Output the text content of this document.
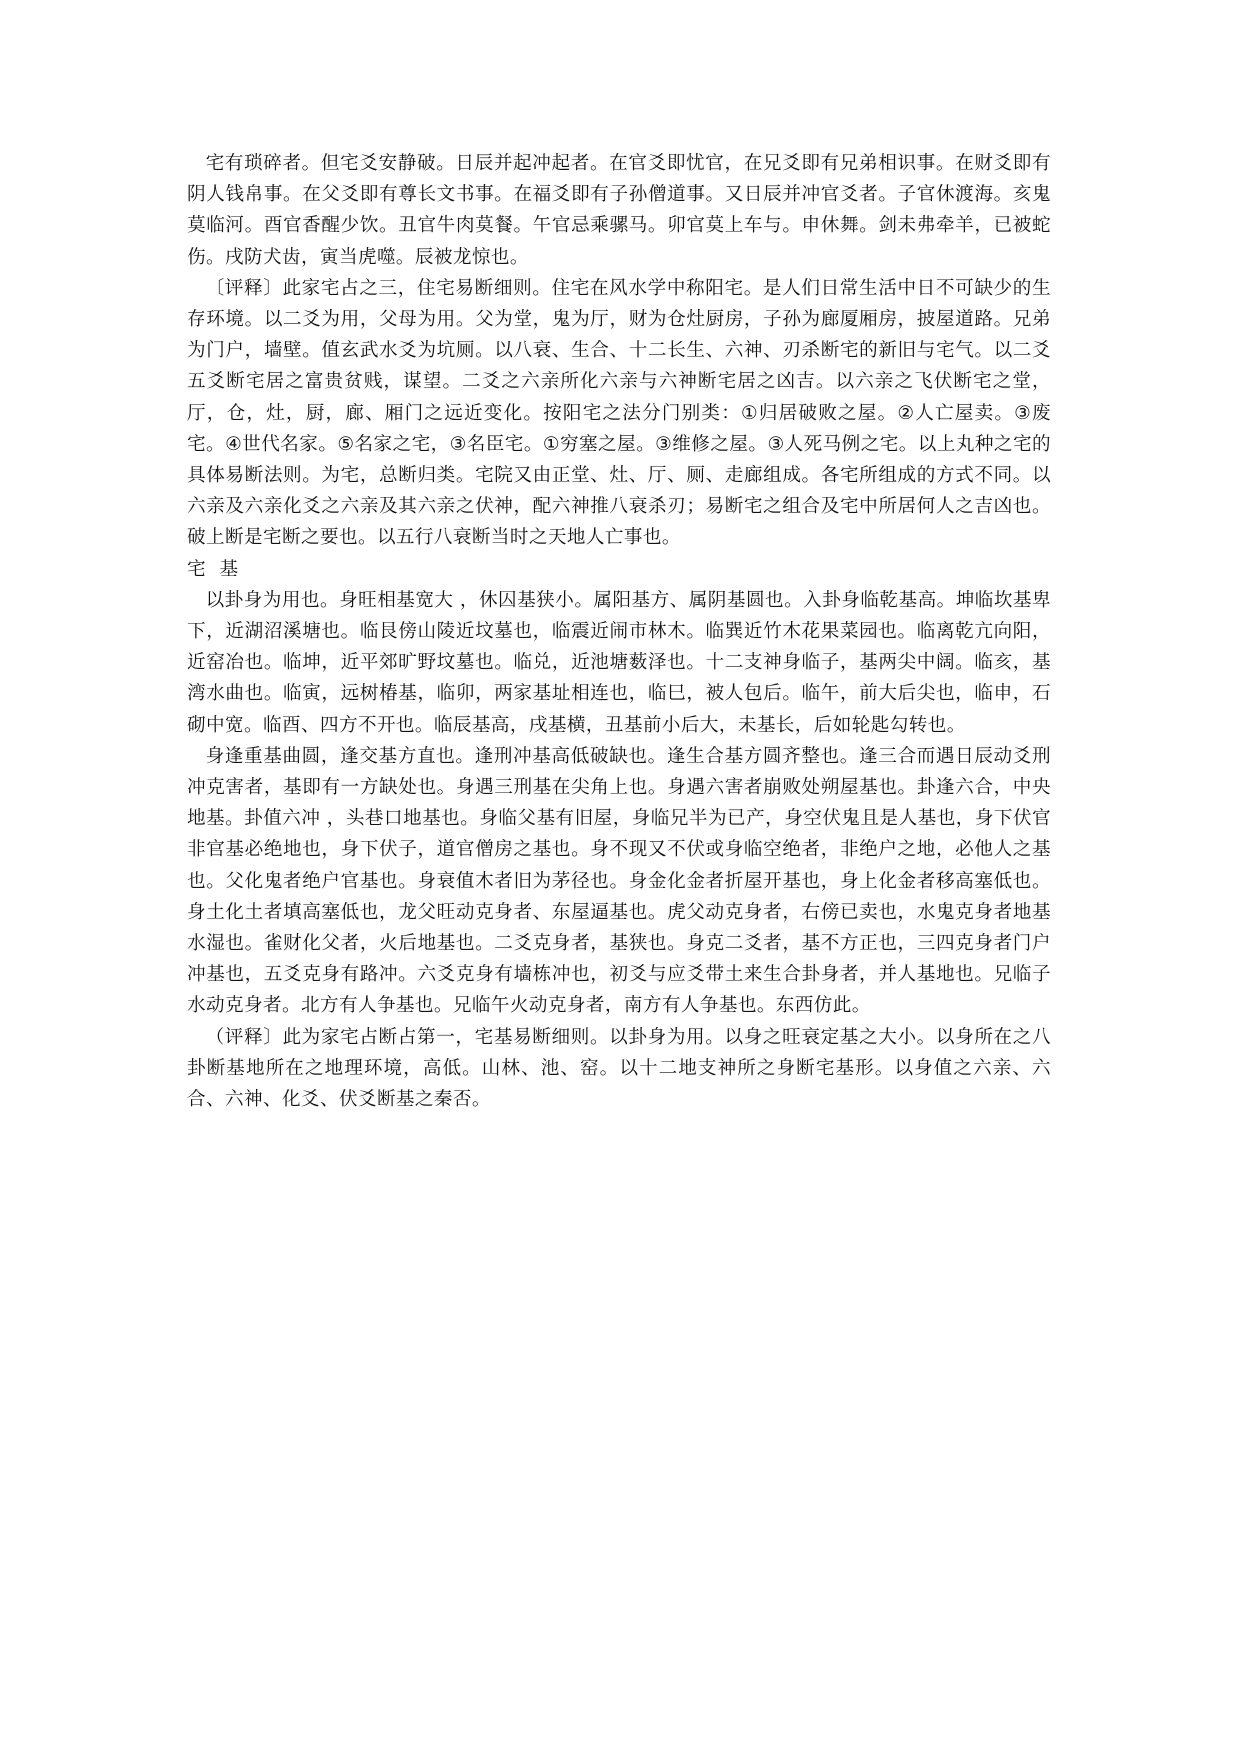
宅有琐碎者。但宅爻安静破。日辰并起冲起者。在官爻即忧官，在兄爻即有兄弟相识事。在财爻即有阴人钱帛事。在父爻即有尊长文书事。在福爻即有子孙僧道事。又日辰并冲官爻者。子官休渡海。亥鬼莫临河。酉官香醒少饮。丑官牛肉莫餐。午官忌乘骡马。卯官莫上车与。申休舞。剑未弗牵羊，已被蛇伤。戌防犬齿，寅当虎噬。辰被龙惊也。

〔评释〕此家宅占之三，住宅易断细则。住宅在风水学中称阳宅。是人们日常生活中日不可缺少的生存环境。以二爻为用，父母为用。父为堂，鬼为厅，财为仓灶厨房，子孙为廊厦厢房，披屋道路。兄弟为门户，墙壁。值玄武水爻为坑厕。以八衰、生合、十二长生、六神、刃杀断宅的新旧与宅气。以二爻五爻断宅居之富贵贫贱，谋望。二爻之六亲所化六亲与六神断宅居之凶吉。以六亲之飞伏断宅之堂，厅，仓，灶，厨，廊、厢门之远近变化。按阳宅之法分门别类：①归居破败之屋。②人亡屋卖。③废宅。④世代名家。⑤名家之宅，③名臣宅。①穷塞之屋。③维修之屋。③人死马例之宅。以上丸种之宅的具体易断法则。为宅，总断归类。宅院又由正堂、灶、厅、厕、走廊组成。各宅所组成的方式不同。以六亲及六亲化爻之六亲及其六亲之伏神，配六神推八衰杀刃；易断宅之组合及宅中所居何人之吉凶也。破上断是宅断之要也。以五行八衰断当时之天地人亡事也。

宅 基

以卦身为用也。身旺相基宽大 ，休囚基狭小。属阳基方、属阴基圆也。入卦身临乾基高。坤临坎基卑下，近湖沼溪塘也。临艮傍山陵近坟墓也，临震近闹市林木。临巽近竹木花果菜园也。临离乾亢向阳，近窑冶也。临坤，近平郊旷野坟墓也。临兑，近池塘薮泽也。十二支神身临子，基两尖中阔。临亥，基湾水曲也。临寅，远树椿基，临卯，两家基址相连也，临巳，被人包后。临午，前大后尖也，临申，石砌中宽。临酉、四方不开也。临辰基高，戌基横，丑基前小后大，未基长，后如轮匙勾转也。

身逢重基曲圆，逢交基方直也。逢刑冲基高低破缺也。逢生合基方圆齐整也。逢三合而遇日辰动爻刑冲克害者，基即有一方缺处也。身遇三刑基在尖角上也。身遇六害者崩败处朔屋基也。卦逢六合，中央地基。卦值六冲 ，头巷口地基也。身临父基有旧屋，身临兄半为已产，身空伏鬼且是人基也，身下伏官非官基必绝地也，身下伏子，道官僧房之基也。身不现又不伏或身临空绝者，非绝户之地，必他人之基也。父化鬼者绝户官基也。身衰值木者旧为茅径也。身金化金者折屋开基也，身上化金者移高塞低也。身土化土者填高塞低也，龙父旺动克身者、东屋逼基也。虎父动克身者，右傍已卖也，水鬼克身者地基水湿也。雀财化父者，火后地基也。二爻克身者，基狭也。身克二爻者，基不方正也，三四克身者门户冲基也，五爻克身有路冲。六爻克身有墙栋冲也，初爻与应爻带土来生合卦身者，并人基地也。兄临子水动克身者。北方有人争基也。兄临午火动克身者，南方有人争基也。东西仿此。

（评释〕此为家宅占断占第一，宅基易断细则。以卦身为用。以身之旺衰定基之大小。以身所在之八卦断基地所在之地理环境，高低。山林、池、窑。以十二地支神所之身断宅基形。以身值之六亲、六合、六神、化爻、伏爻断基之秦否。
